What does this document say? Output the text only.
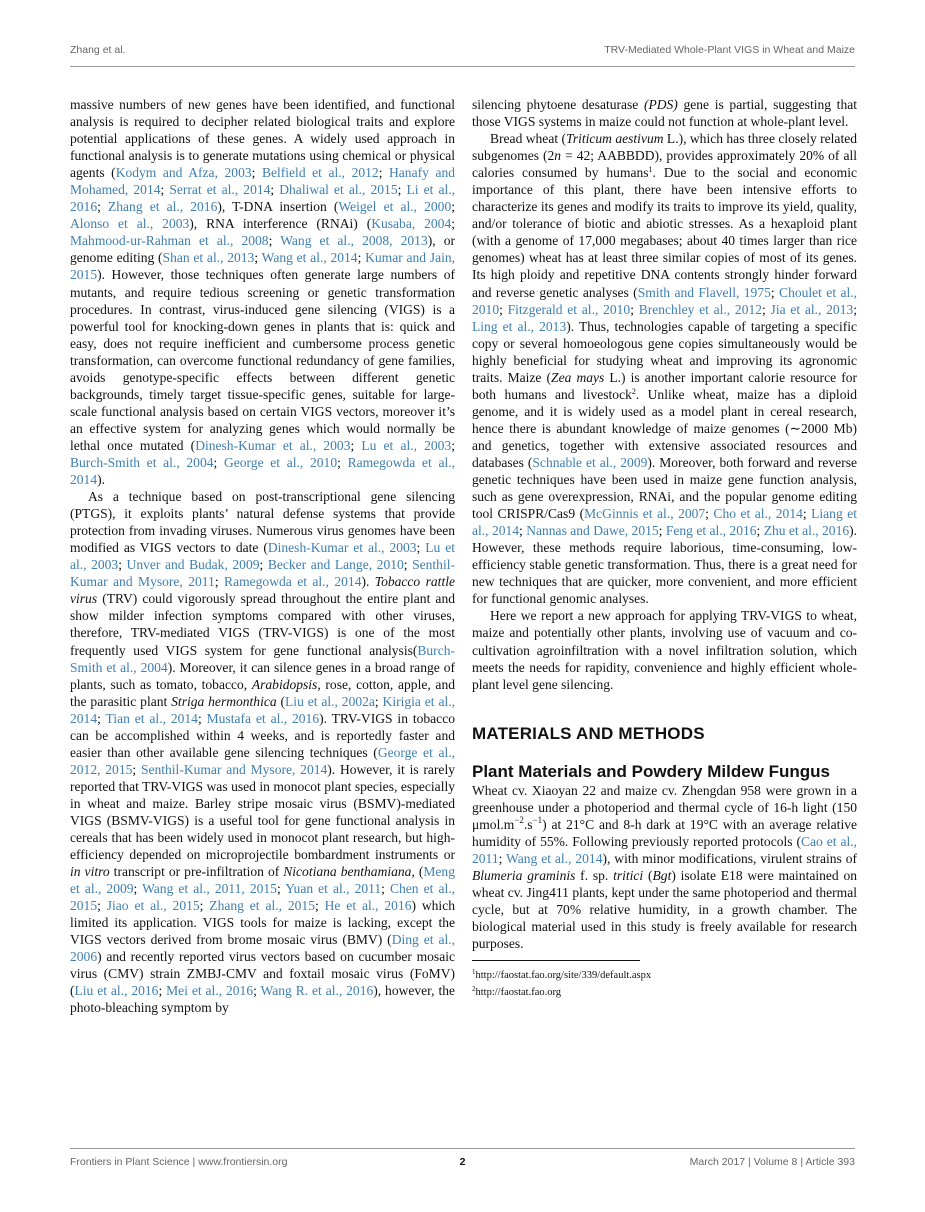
Zhang et al.	TRV-Mediated Whole-Plant VIGS in Wheat and Maize

massive numbers of new genes have been identified, and functional analysis is required to decipher related biological traits and explore potential applications of these genes. A widely used approach in functional analysis is to generate mutations using chemical or physical agents (Kodym and Afza, 2003; Belfield et al., 2012; Hanafy and Mohamed, 2014; Serrat et al., 2014; Dhaliwal et al., 2015; Li et al., 2016; Zhang et al., 2016), T-DNA insertion (Weigel et al., 2000; Alonso et al., 2003), RNA interference (RNAi) (Kusaba, 2004; Mahmood-ur-Rahman et al., 2008; Wang et al., 2008, 2013), or genome editing (Shan et al., 2013; Wang et al., 2014; Kumar and Jain, 2015). However, those techniques often generate large numbers of mutants, and require tedious screening or genetic transformation procedures. In contrast, virus-induced gene silencing (VIGS) is a powerful tool for knocking-down genes in plants that is: quick and easy, does not require inefficient and cumbersome process genetic transformation, can overcome functional redundancy of gene families, avoids genotype-specific effects between different genetic backgrounds, timely target tissue-specific genes, suitable for large-scale functional analysis based on certain VIGS vectors, moreover it’s an effective system for analyzing genes which would normally be lethal once mutated (Dinesh-Kumar et al., 2003; Lu et al., 2003; Burch-Smith et al., 2004; George et al., 2010; Ramegowda et al., 2014).

As a technique based on post-transcriptional gene silencing (PTGS), it exploits plants’ natural defense systems that provide protection from invading viruses. Numerous virus genomes have been modified as VIGS vectors to date (Dinesh-Kumar et al., 2003; Lu et al., 2003; Unver and Budak, 2009; Becker and Lange, 2010; Senthil-Kumar and Mysore, 2011; Ramegowda et al., 2014). Tobacco rattle virus (TRV) could vigorously spread throughout the entire plant and show milder infection symptoms compared with other viruses, therefore, TRV-mediated VIGS (TRV-VIGS) is one of the most frequently used VIGS system for gene functional analysis(Burch-Smith et al., 2004). Moreover, it can silence genes in a broad range of plants, such as tomato, tobacco, Arabidopsis, rose, cotton, apple, and the parasitic plant Striga hermonthica (Liu et al., 2002a; Kirigia et al., 2014; Tian et al., 2014; Mustafa et al., 2016). TRV-VIGS in tobacco can be accomplished within 4 weeks, and is reportedly faster and easier than other available gene silencing techniques (George et al., 2012, 2015; Senthil-Kumar and Mysore, 2014). However, it is rarely reported that TRV-VIGS was used in monocot plant species, especially in wheat and maize. Barley stripe mosaic virus (BSMV)-mediated VIGS (BSMV-VIGS) is a useful tool for gene functional analysis in cereals that has been widely used in monocot plant research, but high-efficiency depended on microprojectile bombardment instruments or in vitro transcript or pre-infiltration of Nicotiana benthamiana, (Meng et al., 2009; Wang et al., 2011, 2015; Yuan et al., 2011; Chen et al., 2015; Jiao et al., 2015; Zhang et al., 2015; He et al., 2016) which limited its application. VIGS tools for maize is lacking, except the VIGS vectors derived from brome mosaic virus (BMV) (Ding et al., 2006) and recently reported virus vectors based on cucumber mosaic virus (CMV) strain ZMBJ-CMV and foxtail mosaic virus (FoMV) (Liu et al., 2016; Mei et al., 2016; Wang R. et al., 2016), however, the photo-bleaching symptom by

silencing phytoene desaturase (PDS) gene is partial, suggesting that those VIGS systems in maize could not function at whole-plant level.

Bread wheat (Triticum aestivum L.), which has three closely related subgenomes (2n = 42; AABBDD), provides approximately 20% of all calories consumed by humans$^1$. Due to the social and economic importance of this plant, there have been intensive efforts to characterize its genes and modify its traits to improve its yield, quality, and/or tolerance of biotic and abiotic stresses. As a hexaploid plant (with a genome of 17,000 megabases; about 40 times larger than rice genomes) wheat has at least three similar copies of most of its genes. Its high ploidy and repetitive DNA contents strongly hinder forward and reverse genetic analyses (Smith and Flavell, 1975; Choulet et al., 2010; Fitzgerald et al., 2010; Brenchley et al., 2012; Jia et al., 2013; Ling et al., 2013). Thus, technologies capable of targeting a specific copy or several homoeologous gene copies simultaneously would be highly beneficial for studying wheat and improving its agronomic traits. Maize (Zea mays L.) is another important calorie resource for both humans and livestock$^2$. Unlike wheat, maize has a diploid genome, and it is widely used as a model plant in cereal research, hence there is abundant knowledge of maize genomes (∼2000 Mb) and genetics, together with extensive associated resources and databases (Schnable et al., 2009). Moreover, both forward and reverse genetic techniques have been used in maize gene function analysis, such as gene overexpression, RNAi, and the popular genome editing tool CRISPR/Cas9 (McGinnis et al., 2007; Cho et al., 2014; Liang et al., 2014; Nannas and Dawe, 2015; Feng et al., 2016; Zhu et al., 2016). However, these methods require laborious, time-consuming, low-efficiency stable genetic transformation. Thus, there is a great need for new techniques that are quicker, more convenient, and more efficient for functional genomic analyses.

Here we report a new approach for applying TRV-VIGS to wheat, maize and potentially other plants, involving use of vacuum and co-cultivation agroinfiltration with a novel infiltration solution, which meets the needs for rapidity, convenience and highly efficient whole-plant level gene silencing.

MATERIALS AND METHODS
Plant Materials and Powdery Mildew Fungus

Wheat cv. Xiaoyan 22 and maize cv. Zhengdan 958 were grown in a greenhouse under a photoperiod and thermal cycle of 16-h light (150 $\mu mol.m^{-2}.s^{-1}$) at 21°C and 8-h dark at 19°C with an average relative humidity of 55%. Following previously reported protocols (Cao et al., 2011; Wang et al., 2014), with minor modifications, virulent strains of Blumeria graminis f. sp. tritici (Bgt) isolate E18 were maintained on wheat cv. Jing411 plants, kept under the same photoperiod and thermal cycle, but at 70% relative humidity, in a growth chamber. The biological material used in this study is freely available for research purposes.

$^1$http://faostat.fao.org/site/339/default.aspx
$^2$http://faostat.fao.org
Frontiers in Plant Science | www.frontiersin.org	2	March 2017 | Volume 8 | Article 393
